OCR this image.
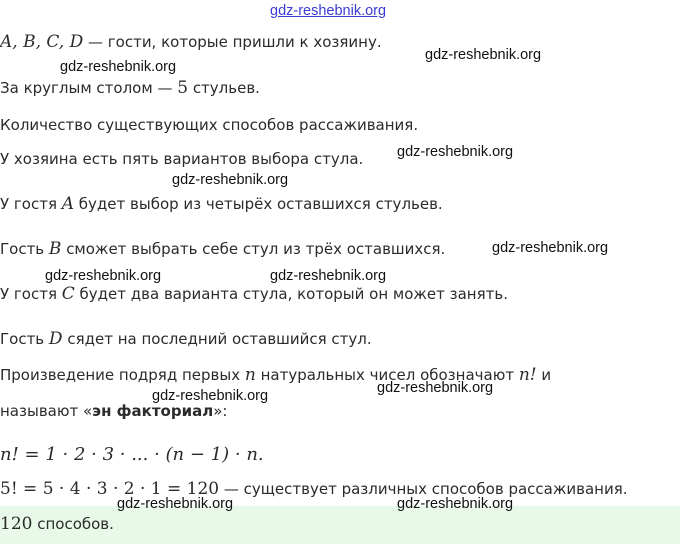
gdz-reshebnik.org
A, B, C, D — гости, которые пришли к хозяину.
За круглым столом — 5 стульев.
Количество существующих способов рассаживания.
У хозяина есть пять вариантов выбора стула.
У гостя A будет выбор из четырёх оставшихся стульев.
Гость B сможет выбрать себе стул из трёх оставшихся.
У гостя C будет два варианта стула, который он может занять.
Гость D сядет на последний оставшийся стул.
Произведение подряд первых n натуральных чисел обозначают n! и
называют «эн факториал»:
n! = 1 · 2 · 3 · ... · (n − 1) · n.
5! = 5 · 4 · 3 · 2 · 1 = 120 — существует различных способов рассаживания.
120 способов.
gdz-reshebnik.org
gdz-reshebnik.org
gdz-reshebnik.org
gdz-reshebnik.org
gdz-reshebnik.org
gdz-reshebnik.org	gdz-reshebnik.org
gdz-reshebnik.org
gdz-reshebnik.org
gdz-reshebnik.org	gdz-reshebnik.org
